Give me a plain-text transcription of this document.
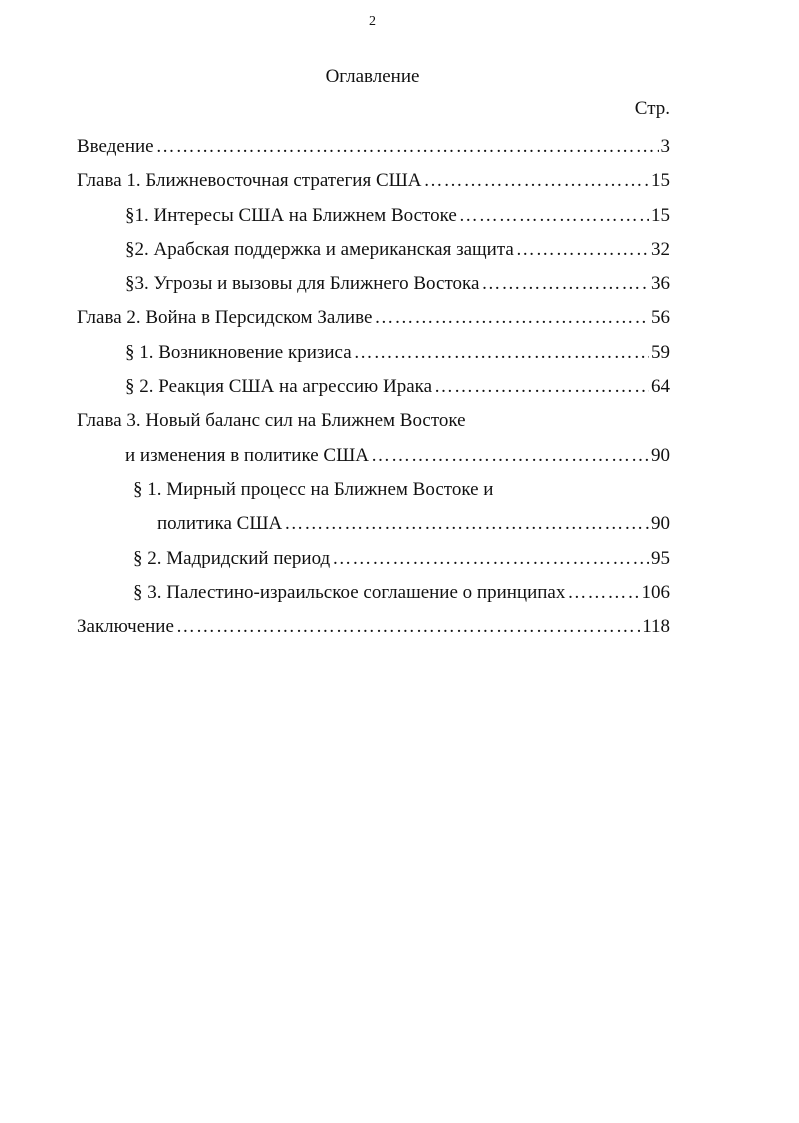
2
Оглавление
Стр.
Введение …………………………………………………………………………………………………………………………	3
Глава 1. Ближневосточная стратегия США …………………………………………………………………………………………………………………………	15
§1. Интересы США на Ближнем Востоке …………………………………………………………………………………………………………………………	15
§2. Арабская поддержка и американская защита …………………………………………………………………………………………………………………………	32
§3. Угрозы и вызовы для Ближнего Востока …………………………………………………………………………………………………………………………	36
Глава 2. Война в Персидском Заливе …………………………………………………………………………………………………………………………	56
§ 1. Возникновение кризиса …………………………………………………………………………………………………………………………	59
§ 2. Реакция США на агрессию Ирака …………………………………………………………………………………………………………………………	64
Глава 3. Новый баланс сил на Ближнем Востоке
и изменения в политике США …………………………………………………………………………………………………………………………	90
§ 1. Мирный процесс на Ближнем Востоке и
политика США …………………………………………………………………………………………………………………………	90
§ 2. Мадридский период …………………………………………………………………………………………………………………………	95
§ 3. Палестино-израильское соглашение о принципах …………………………………………………………………………………………………………………………	106
Заключение …………………………………………………………………………………………………………………………	118
